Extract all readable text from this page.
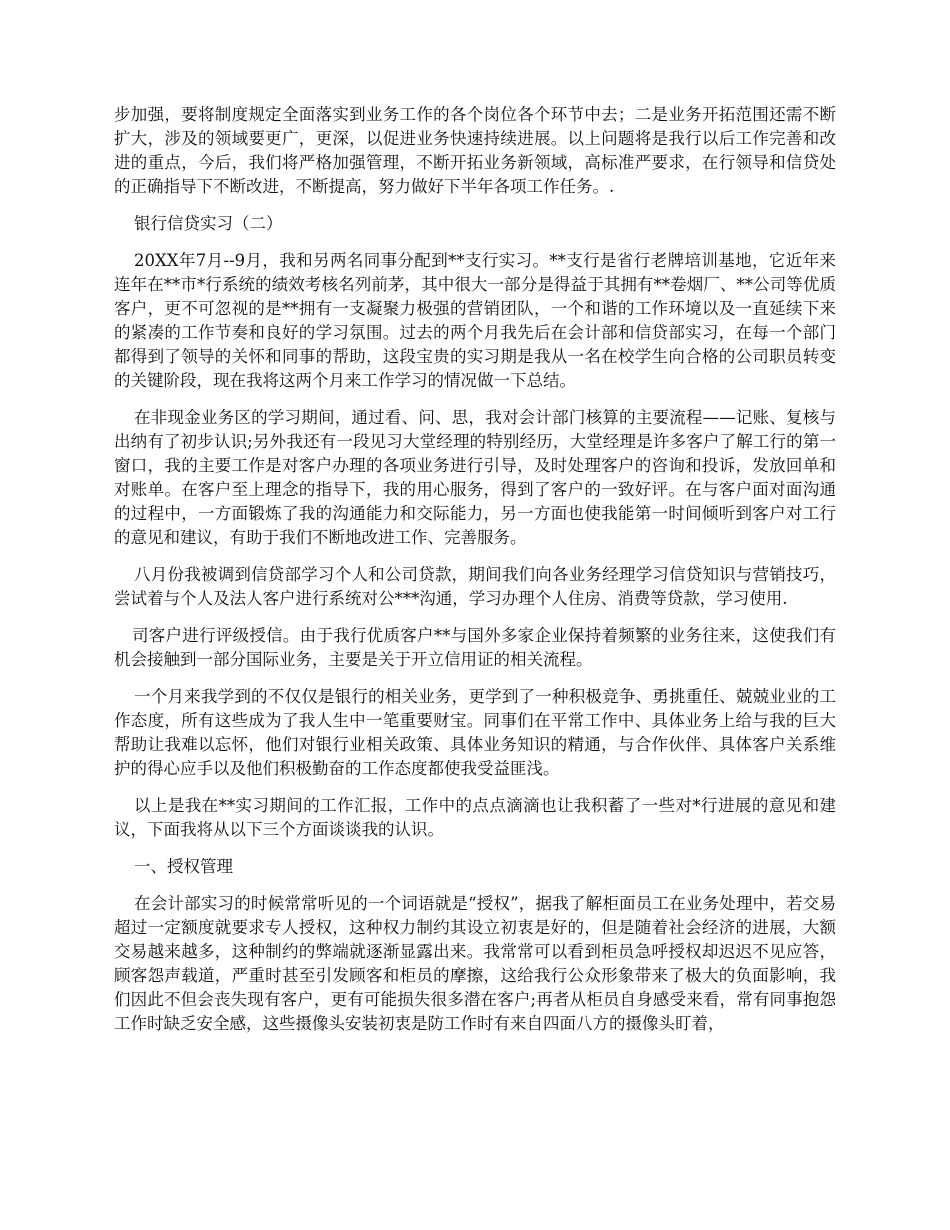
步加强，要将制度规定全面落实到业务工作的各个岗位各个环节中去；二是业务开拓范围还需不断扩大，涉及的领域要更广，更深，以促进业务快速持续进展。以上问题将是我行以后工作完善和改进的重点，今后，我们将严格加强管理，不断开拓业务新领域，高标准严要求，在行领导和信贷处的正确指导下不断改进，不断提高，努力做好下半年各项工作任务。.

银行信贷实习（二）

20XX年7月--9月，我和另两名同事分配到**支行实习。**支行是省行老牌培训基地，它近年来连年在**市*行系统的绩效考核名列前茅，其中很大一部分是得益于其拥有**卷烟厂、**公司等优质客户，更不可忽视的是**拥有一支凝聚力极强的营销团队，一个和谐的工作环境以及一直延续下来的紧凑的工作节奏和良好的学习氛围。过去的两个月我先后在会计部和信贷部实习，在每一个部门都得到了领导的关怀和同事的帮助，这段宝贵的实习期是我从一名在校学生向合格的公司职员转变的关键阶段，现在我将这两个月来工作学习的情况做一下总结。

在非现金业务区的学习期间，通过看、问、思，我对会计部门核算的主要流程——记账、复核与出纳有了初步认识;另外我还有一段见习大堂经理的特别经历，大堂经理是许多客户了解工行的第一窗口，我的主要工作是对客户办理的各项业务进行引导，及时处理客户的咨询和投诉，发放回单和对账单。在客户至上理念的指导下，我的用心服务，得到了客户的一致好评。在与客户面对面沟通的过程中，一方面锻炼了我的沟通能力和交际能力，另一方面也使我能第一时间倾听到客户对工行的意见和建议，有助于我们不断地改进工作、完善服务。

八月份我被调到信贷部学习个人和公司贷款，期间我们向各业务经理学习信贷知识与营销技巧，尝试着与个人及法人客户进行系统对公***沟通，学习办理个人住房、消费等贷款，学习使用.

司客户进行评级授信。由于我行优质客户**与国外多家企业保持着频繁的业务往来，这使我们有机会接触到一部分国际业务，主要是关于开立信用证的相关流程。

一个月来我学到的不仅仅是银行的相关业务，更学到了一种积极竞争、勇挑重任、兢兢业业的工作态度，所有这些成为了我人生中一笔重要财宝。同事们在平常工作中、具体业务上给与我的巨大帮助让我难以忘怀，他们对银行业相关政策、具体业务知识的精通，与合作伙伴、具体客户关系维护的得心应手以及他们积极勤奋的工作态度都使我受益匪浅。

以上是我在**实习期间的工作汇报，工作中的点点滴滴也让我积蓄了一些对*行进展的意见和建议，下面我将从以下三个方面谈谈我的认识。

一、授权管理

在会计部实习的时候常常听见的一个词语就是“授权”，据我了解柜面员工在业务处理中，若交易超过一定额度就要求专人授权，这种权力制约其设立初衷是好的，但是随着社会经济的进展，大额交易越来越多，这种制约的弊端就逐渐显露出来。我常常可以看到柜员急呼授权却迟迟不见应答，顾客怨声载道，严重时甚至引发顾客和柜员的摩擦，这给我行公众形象带来了极大的负面影响，我们因此不但会丧失现有客户，更有可能损失很多潜在客户;再者从柜员自身感受来看，常有同事抱怨工作时缺乏安全感，这些摄像头安装初衷是防工作时有来自四面八方的摄像头盯着，
